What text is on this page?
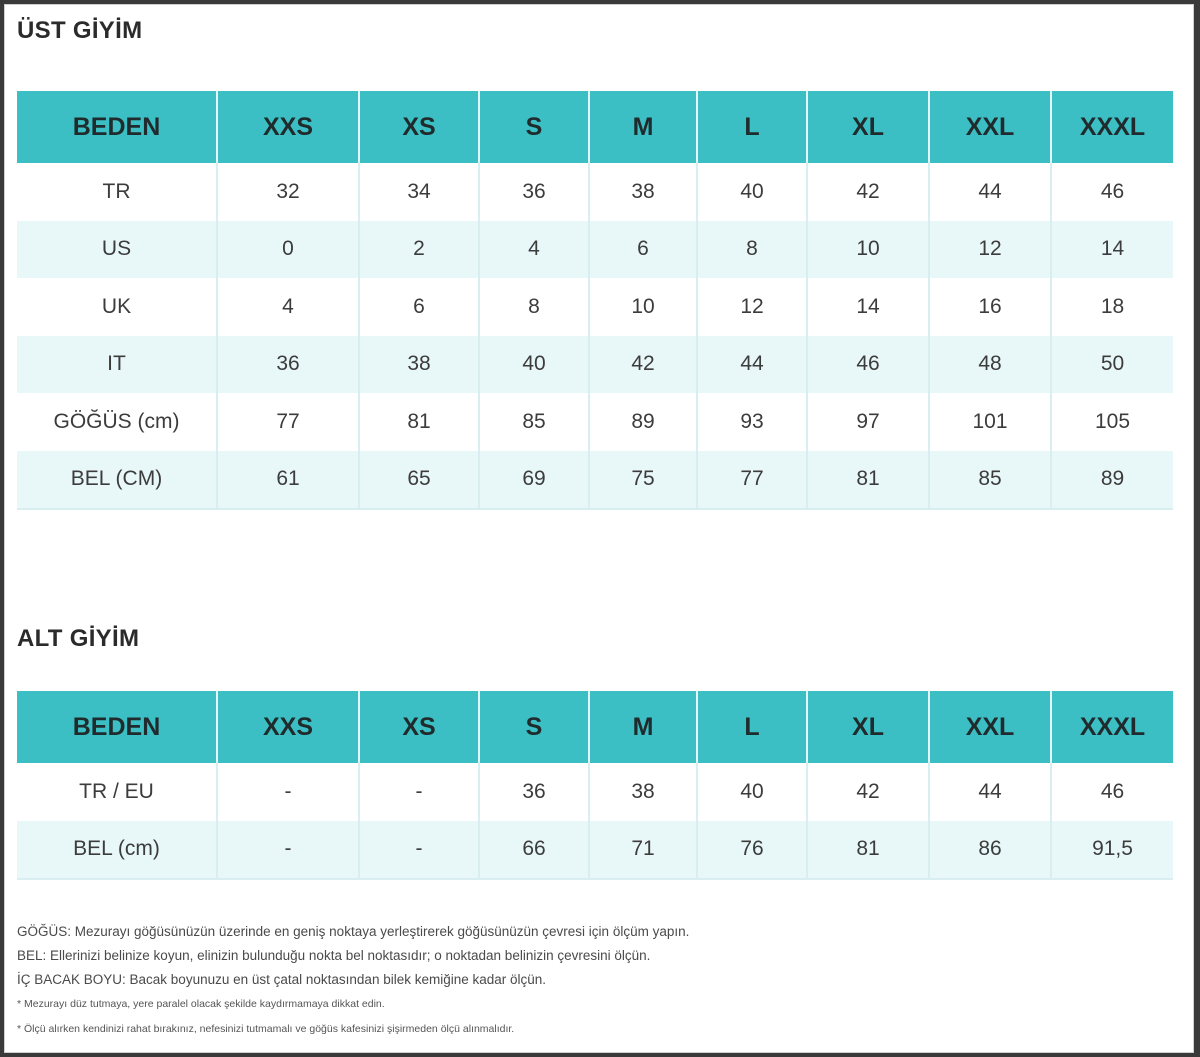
ÜST GİYİM
BEDEN	XXS	XS	S	M	L	XL	XXL	XXXL
TR	32	34	36	38	40	42	44	46
US	0	2	4	6	8	10	12	14
UK	4	6	8	10	12	14	16	18
IT	36	38	40	42	44	46	48	50
GÖĞÜS (cm)	77	81	85	89	93	97	101	105
BEL (CM)	61	65	69	75	77	81	85	89
ALT GİYİM
BEDEN	XXS	XS	S	M	L	XL	XXL	XXXL
TR / EU	-	-	36	38	40	42	44	46
BEL (cm)	-	-	66	71	76	81	86	91,5
GÖĞÜS: Mezurayı göğüsünüzün üzerinde en geniş noktaya yerleştirerek göğüsünüzün çevresi için ölçüm yapın.
BEL: Ellerinizi belinize koyun, elinizin bulunduğu nokta bel noktasıdır; o noktadan belinizin çevresini ölçün.
İÇ BACAK BOYU: Bacak boyunuzu en üst çatal noktasından bilek kemiğine kadar ölçün.
* Mezurayı düz tutmaya, yere paralel olacak şekilde kaydırmamaya dikkat edin.
* Ölçü alırken kendinizi rahat bırakınız, nefesinizi tutmamalı ve göğüs kafesinizi şişirmeden ölçü alınmalıdır.
